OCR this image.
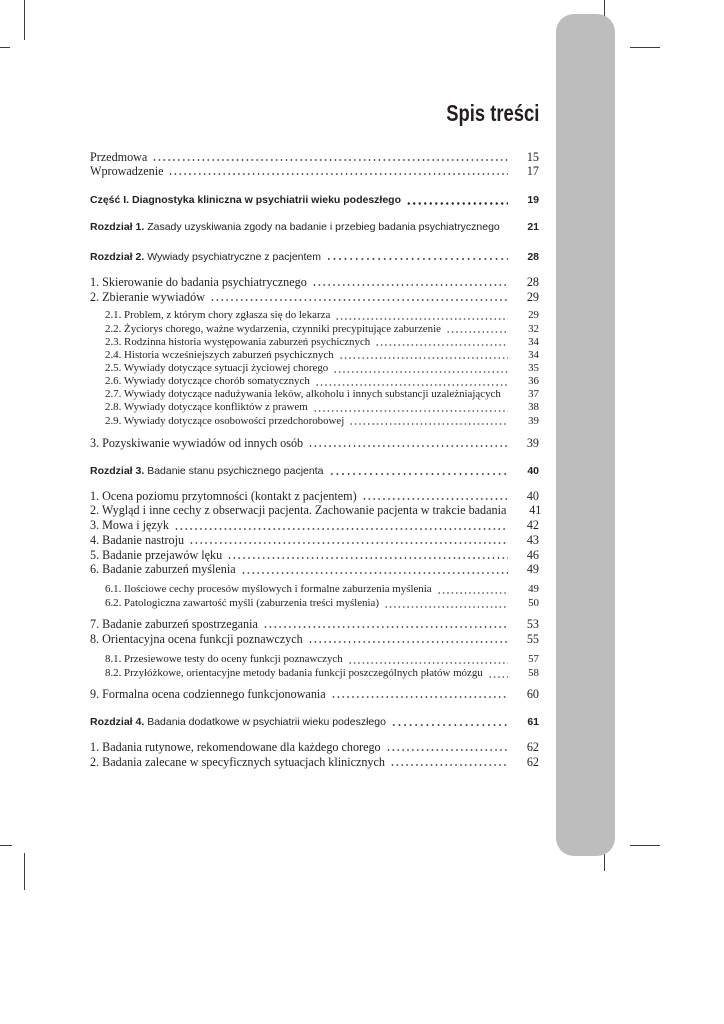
Spis treści
Przedmowa	15
Wprowadzenie	17
Część I. Diagnostyka kliniczna w psychiatrii wieku podeszłego	19
Rozdział 1. Zasady uzyskiwania zgody na badanie i przebieg badania psychiatrycznego	21
Rozdział 2. Wywiady psychiatryczne z pacjentem	28
1. Skierowanie do badania psychiatrycznego	28
2. Zbieranie wywiadów	29
2.1. Problem, z którym chory zgłasza się do lekarza	29
2.2. Życiorys chorego, ważne wydarzenia, czynniki precypitujące zaburzenie	32
2.3. Rodzinna historia występowania zaburzeń psychicznych	34
2.4. Historia wcześniejszych zaburzeń psychicznych	34
2.5. Wywiady dotyczące sytuacji życiowej chorego	35
2.6. Wywiady dotyczące chorób somatycznych	36
2.7. Wywiady dotyczące nadużywania leków, alkoholu i innych substancji uzależniających	37
2.8. Wywiady dotyczące konfliktów z prawem	38
2.9. Wywiady dotyczące osobowości przedchorobowej	39
3. Pozyskiwanie wywiadów od innych osób	39
Rozdział 3. Badanie stanu psychicznego pacjenta	40
1. Ocena poziomu przytomności (kontakt z pacjentem)	40
2. Wygląd i inne cechy z obserwacji pacjenta. Zachowanie pacjenta w trakcie badania	41
3. Mowa i język	42
4. Badanie nastroju	43
5. Badanie przejawów lęku	46
6. Badanie zaburzeń myślenia	49
6.1. Ilościowe cechy procesów myślowych i formalne zaburzenia myślenia	49
6.2. Patologiczna zawartość myśli (zaburzenia treści myślenia)	50
7. Badanie zaburzeń spostrzegania	53
8. Orientacyjna ocena funkcji poznawczych	55
8.1. Przesiewowe testy do oceny funkcji poznawczych	57
8.2. Przyłóżkowe, orientacyjne metody badania funkcji poszczególnych płatów mózgu	58
9. Formalna ocena codziennego funkcjonowania	60
Rozdział 4. Badania dodatkowe w psychiatrii wieku podeszłego	61
1. Badania rutynowe, rekomendowane dla każdego chorego	62
2. Badania zalecane w specyficznych sytuacjach klinicznych	62
